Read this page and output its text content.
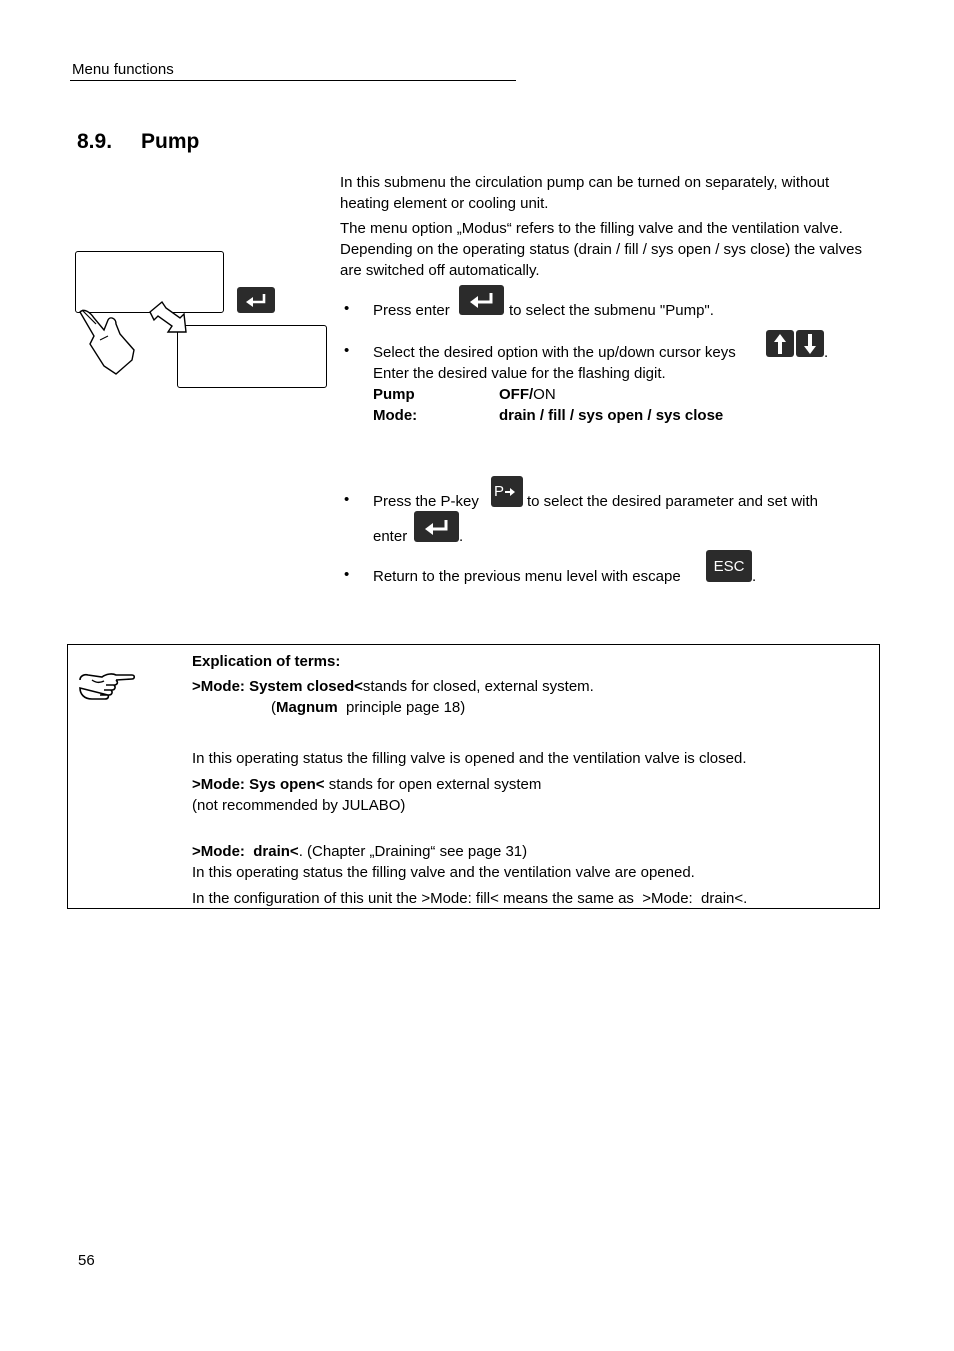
Menu functions
8.9. Pump
In this submenu the circulation pump can be turned on separately, without heating element or cooling unit.
The menu option „Modus“ refers to the filling valve and the ventilation valve. Depending on the operating status (drain / fill / sys open / sys close) the valves are switched off automatically.
• Press enter	to select the submenu "Pump".
• Select the desired option with the up/down cursor keys	.
Enter the desired value for the flashing digit.
Pump	OFF/ON
Mode:	drain / fill / sys open / sys close
• Press the P-key
P
to select the desired parameter and set with
enter	.
• Return to the previous menu level with escape
ESC
.
Explication of terms:
>Mode: System closed<stands for closed, external system.
(Magnum  principle page 18)
In this operating status the filling valve is opened and the ventilation valve is closed.
>Mode: Sys open< stands for open external system
(not recommended by JULABO)
>Mode:  drain<. (Chapter „Draining“ see page 31)
In this operating status the filling valve and the ventilation valve are opened.
In the configuration of this unit the >Mode: fill< means the same as  >Mode:  drain<.
56
